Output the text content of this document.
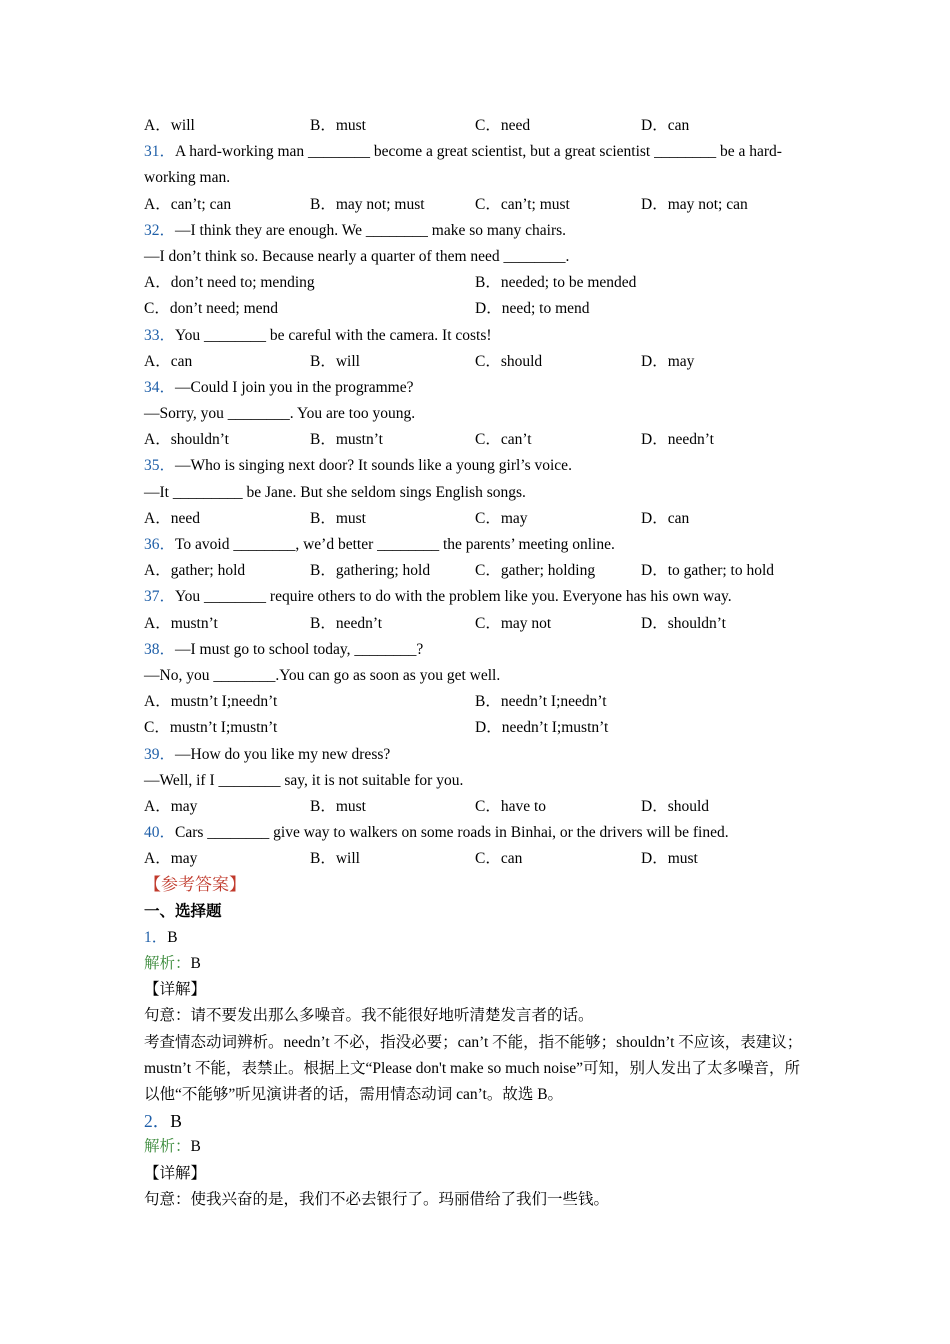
A．will	B．must	C．need	D．can
31．A hard-working man ________ become a great scientist, but a great scientist ________ be a hard-working man.
A．can’t; can	B．may not; must	C．can’t; must	D．may not; can
32．—I think they are enough. We ________ make so many chairs.
—I don’t think so. Because nearly a quarter of them need ________.
A．don’t need to; mending	B．needed; to be mended
C．don’t need; mend	D．need; to mend
33．You ________ be careful with the camera. It costs!
A．can	B．will	C．should	D．may
34．—Could I join you in the programme?
—Sorry, you ________. You are too young.
A．shouldn’t	B．mustn’t	C．can’t	D．needn’t
35．—Who is singing next door? It sounds like a young girl’s voice.
—It _________ be Jane. But she seldom sings English songs.
A．need	B．must	C．may	D．can
36．To avoid ________, we’d better ________ the parents’ meeting online.
A．gather; hold	B．gathering; hold	C．gather; holding	D．to gather; to hold
37．You ________ require others to do with the problem like you. Everyone has his own way.
A．mustn’t	B．needn’t	C．may not	D．shouldn’t
38．—I must go to school today, ________?
—No, you ________.You can go as soon as you get well.
A．mustn’t I;needn’t	B．needn’t I;needn’t
C．mustn’t I;mustn’t	D．needn’t I;mustn’t
39．—How do you like my new dress?
—Well, if I ________ say, it is not suitable for you.
A．may	B．must	C．have to	D．should
40．Cars ________ give way to walkers on some roads in Binhai, or the drivers will be fined.
A．may	B．will	C．can	D．must
【参考答案】
一、选择题
1．B
解析：B
【详解】
句意：请不要发出那么多噪音。我不能很好地听清楚发言者的话。
考查情态动词辨析。needn’t 不必，指没必要；can’t 不能，指不能够；shouldn’t 不应该，表建议；mustn’t 不能，表禁止。根据上文“Please don't make so much noise”可知，别人发出了太多噪音，所以他“不能够”听见演讲者的话，需用情态动词 can’t。故选 B。
2．B
解析：B
【详解】
句意：使我兴奋的是，我们不必去银行了。玛丽借给了我们一些钱。
